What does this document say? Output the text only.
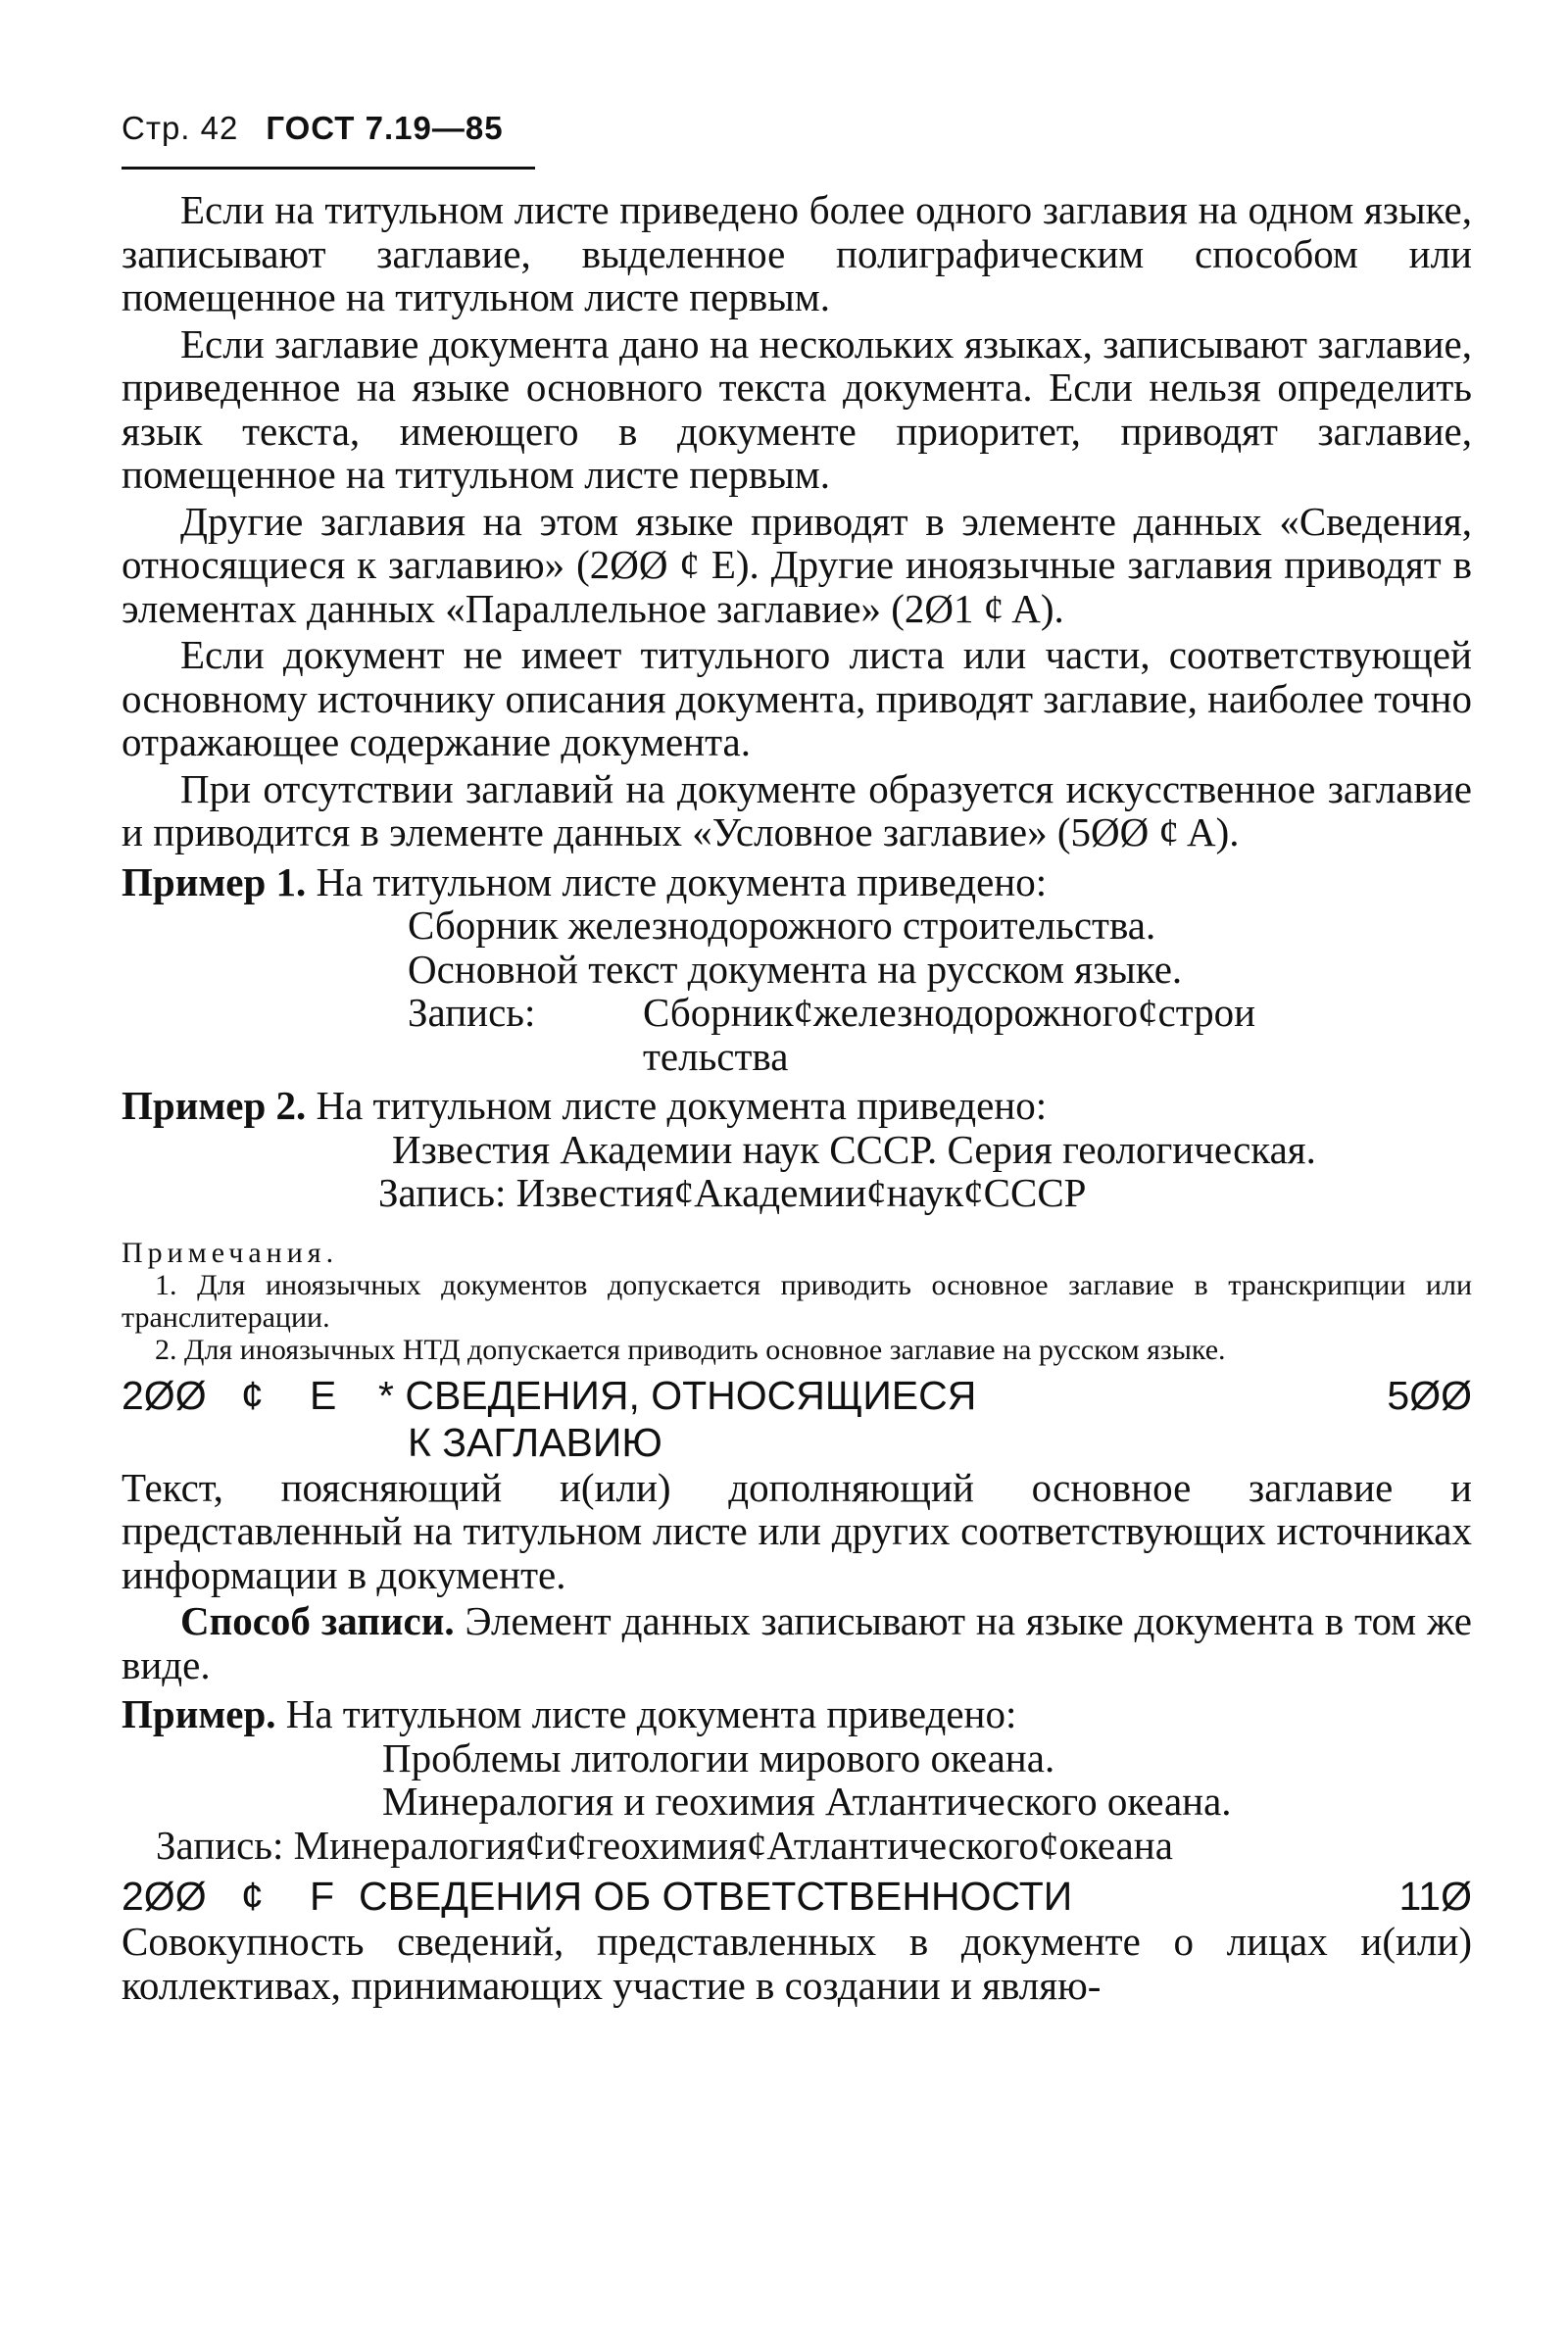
Стр. 42 ГОСТ 7.19—85

Если на титульном листе приведено более одного заглавия на одном языке, записывают заглавие, выделенное полиграфическим способом или помещенное на титульном листе первым.

Если заглавие документа дано на нескольких языках, записывают заглавие, приведенное на языке основного текста документа. Если нельзя определить язык текста, имеющего в документе приоритет, приводят заглавие, помещенное на титульном листе первым.

Другие заглавия на этом языке приводят в элементе данных «Сведения, относящиеся к заглавию» (2ØØ ¢ E). Другие иноязычные заглавия приводят в элементах данных «Параллельное заглавие» (2Ø1 ¢ A).

Если документ не имеет титульного листа или части, соответствующей основному источнику описания документа, приводят заглавие, наиболее точно отражающее содержание документа.

При отсутствии заглавий на документе образуется искусственное заглавие и приводится в элементе данных «Условное заглавие» (5ØØ ¢ A).

Пример 1. На титульном листе документа приведено:
Сборник железнодорожного строительства.
Основной текст документа на русском языке.
Запись:	Сборник¢железнодорожного¢строительства
Пример 2. На титульном листе документа приведено:
Известия Академии наук СССР. Серия геологическая.
Запись: Известия¢Академии¢наук¢СССР
Примечания.
1. Для иноязычных документов допускается приводить основное заглавие в транскрипции или транслитерации.
2. Для иноязычных НТД допускается приводить основное заглавие на русском языке.
2ØØ ¢ E * СВЕДЕНИЯ, ОТНОСЯЩИЕСЯ	5ØØ
К ЗАГЛАВИЮ

Текст, поясняющий и(или) дополняющий основное заглавие и представленный на титульном листе или других соответствующих источниках информации в документе.

Способ записи. Элемент данных записывают на языке документа в том же виде.

Пример. На титульном листе документа приведено:
Проблемы литологии мирового океана.
Минералогия и геохимия Атлантического океана.
Запись: Минералогия¢и¢геохимия¢Атлантического¢океана
2ØØ ¢ F СВЕДЕНИЯ ОБ ОТВЕТСТВЕННОСТИ	11Ø

Совокупность сведений, представленных в документе о лицах и(или) коллективах, принимающих участие в создании и являю-
